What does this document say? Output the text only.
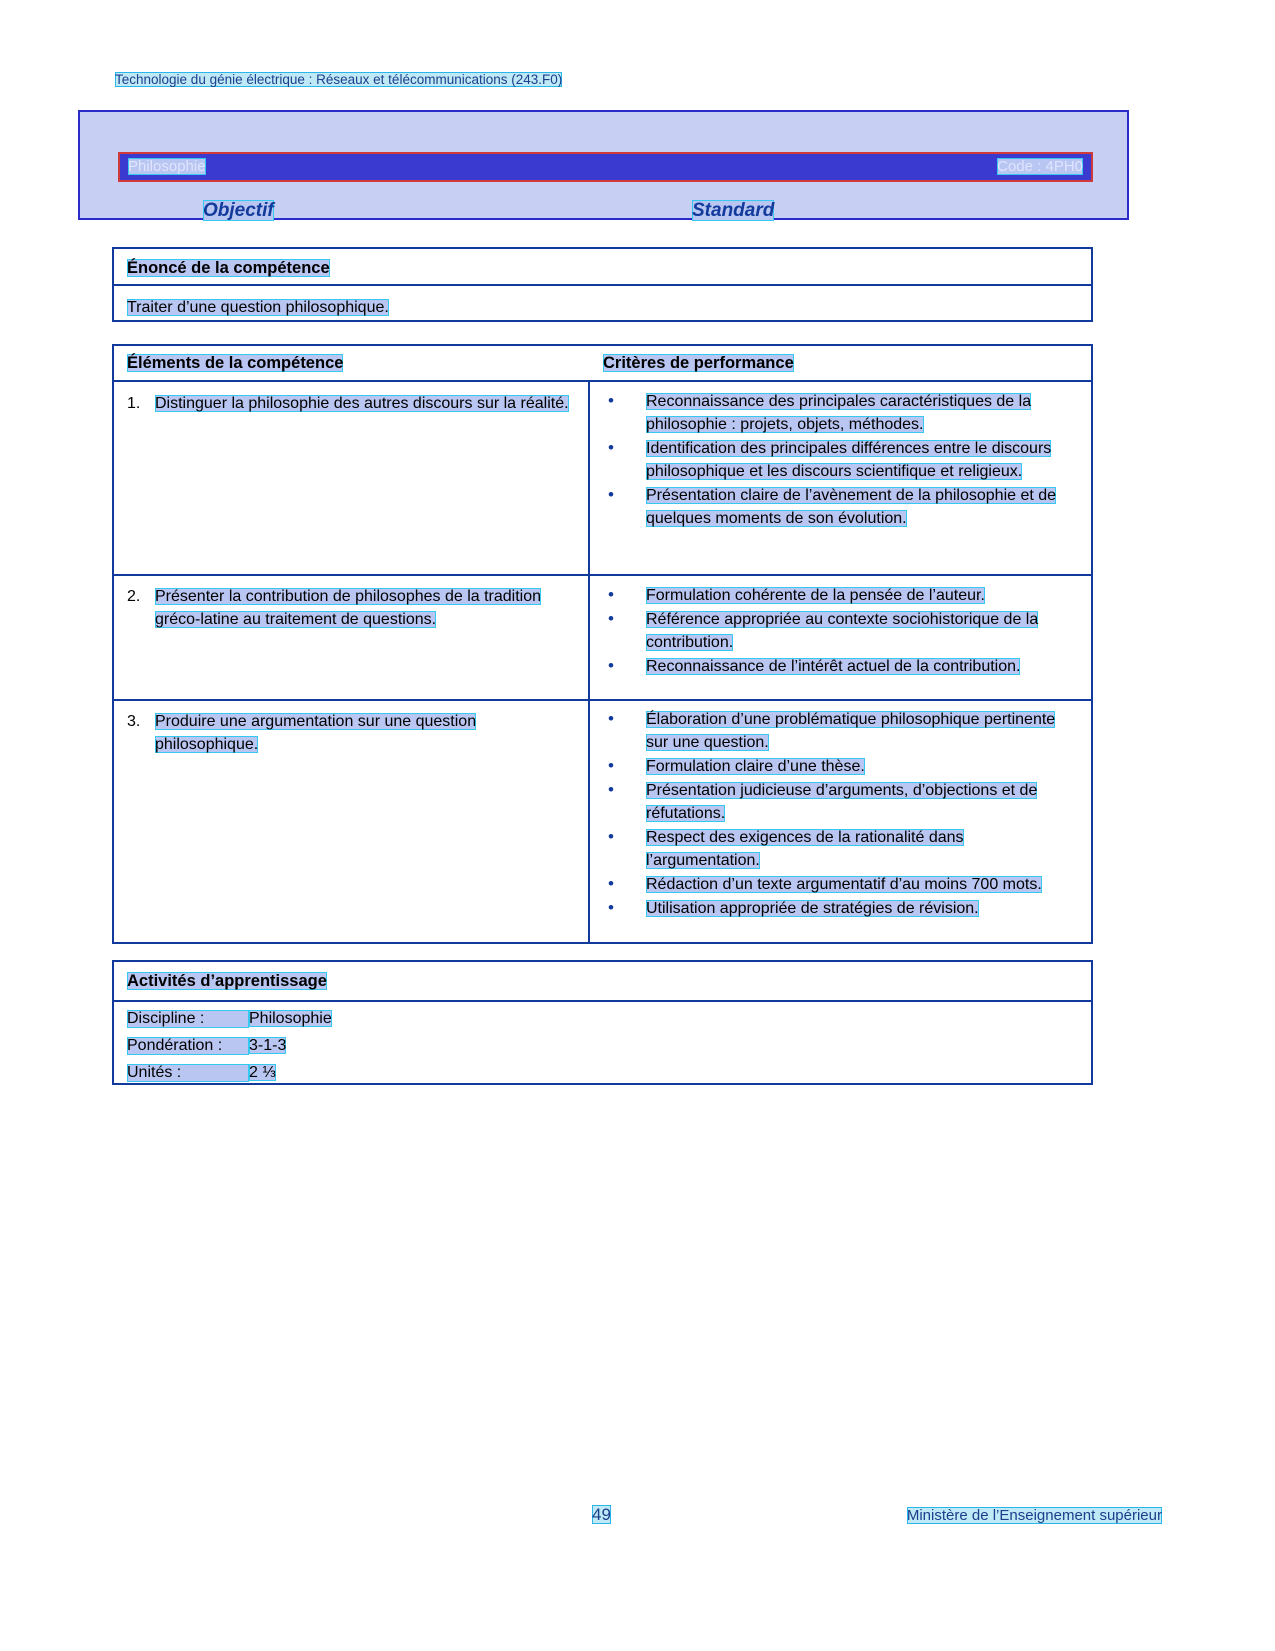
Technologie du génie électrique : Réseaux et télécommunications (243.F0)
Philosophie	Code : 4PH0
Objectif	Standard
Énoncé de la compétence
Traiter d’une question philosophique.
Éléments de la compétence	Critères de performance
1. Distinguer la philosophie des autres discours sur la réalité.	• Reconnaissance des principales caractéristiques de la philosophie : projets, objets, méthodes.
• Identification des principales différences entre le discours philosophique et les discours scientifique et religieux.
• Présentation claire de l’avènement de la philosophie et de quelques moments de son évolution.
2. Présenter la contribution de philosophes de la tradition gréco-latine au traitement de questions.
• Formulation cohérente de la pensée de l’auteur.
• Référence appropriée au contexte sociohistorique de la contribution.
• Reconnaissance de l’intérêt actuel de la contribution.
3. Produire une argumentation sur une question philosophique.
• Élaboration d’une problématique philosophique pertinente sur une question.
• Formulation claire d’une thèse.
• Présentation judicieuse d’arguments, d’objections et de réfutations.
• Respect des exigences de la rationalité dans l’argumentation.
• Rédaction d’un texte argumentatif d’au moins 700 mots.
• Utilisation appropriée de stratégies de révision.
Activités d’apprentissage
Discipline :	Philosophie
Pondération : 3-1-3
Unités :	2 ⅓
49	Ministère de l’Enseignement supérieur
